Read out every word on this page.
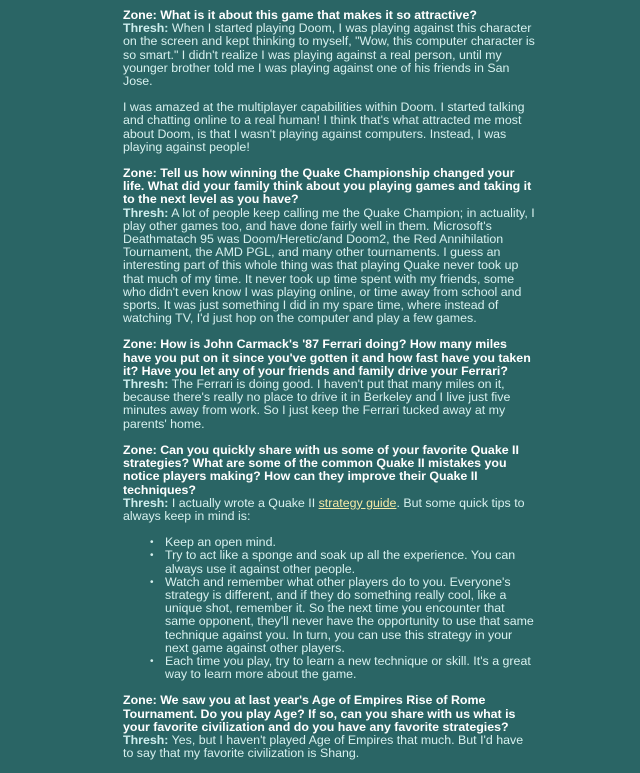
Zone: What is it about this game that makes it so attractive?

Thresh: When I started playing Doom, I was playing against this character on the screen and kept thinking to myself, "Wow, this computer character is so smart." I didn't realize I was playing against a real person, until my younger brother told me I was playing against one of his friends in San Jose.

I was amazed at the multiplayer capabilities within Doom. I started talking and chatting online to a real human! I think that's what attracted me most about Doom, is that I wasn't playing against computers. Instead, I was playing against people!

Zone: Tell us how winning the Quake Championship changed your life. What did your family think about you playing games and taking it to the next level as you have?

Thresh: A lot of people keep calling me the Quake Champion; in actuality, I play other games too, and have done fairly well in them. Microsoft's Deathmatach 95 was Doom/Heretic/and Doom2, the Red Annihilation Tournament, the AMD PGL, and many other tournaments. I guess an interesting part of this whole thing was that playing Quake never took up that much of my time. It never took up time spent with my friends, some who didn't even know I was playing online, or time away from school and sports. It was just something I did in my spare time, where instead of watching TV, I'd just hop on the computer and play a few games.

Zone: How is John Carmack's '87 Ferrari doing? How many miles have you put on it since you've gotten it and how fast have you taken it? Have you let any of your friends and family drive your Ferrari?

Thresh: The Ferrari is doing good. I haven't put that many miles on it, because there's really no place to drive it in Berkeley and I live just five minutes away from work. So I just keep the Ferrari tucked away at my parents' home.

Zone: Can you quickly share with us some of your favorite Quake II strategies? What are some of the common Quake II mistakes you notice players making? How can they improve their Quake II techniques?
Thresh: I actually wrote a Quake II strategy guide. But some quick tips to always keep in mind is:
• Keep an open mind.
• Try to act like a sponge and soak up all the experience. You can always use it against other people.
• Watch and remember what other players do to you. Everyone's strategy is different, and if they do something really cool, like a unique shot, remember it. So the next time you encounter that same opponent, they'll never have the opportunity to use that same technique against you. In turn, you can use this strategy in your next game against other players.
• Each time you play, try to learn a new technique or skill. It's a great way to learn more about the game.
Zone: We saw you at last year's Age of Empires Rise of Rome Tournament. Do you play Age? If so, can you share with us what is your favorite civilization and do you have any favorite strategies?

Thresh: Yes, but I haven't played Age of Empires that much. But I'd have to say that my favorite civilization is Shang.
